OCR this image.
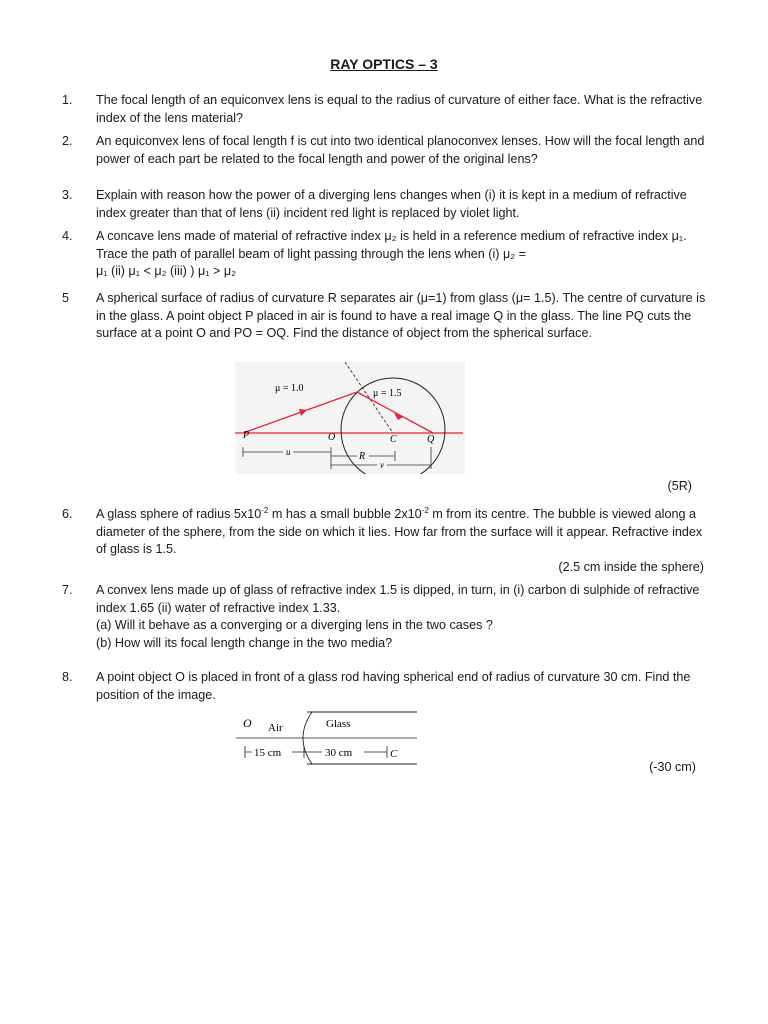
RAY OPTICS – 3
1. The focal length of an equiconvex lens is equal to the radius of curvature of either face. What is the refractive index of the lens material?
2. An equiconvex lens of focal length f is cut into two identical planoconvex lenses. How will the focal length and power of each part be related to the focal length and power of the original lens?
3. Explain with reason how the power of a diverging lens changes when (i) it is kept in a medium of refractive index greater than that of lens (ii) incident red light is replaced by violet light.
4. A concave lens made of material of refractive index μ₂ is held in a reference medium of refractive index μ₁. Trace the path of parallel beam of light passing through the lens when (i) μ₂ =
μ₁ (ii) μ₁ < μ₂ (iii) ) μ₁ > μ₂
5 A spherical surface of radius of curvature R separates air (μ=1) from glass (μ= 1.5). The centre of curvature is in the glass. A point object P placed in air is found to have a real image Q in the glass. The line PQ cuts the surface at a point O and PO = OQ. Find the distance of object from the spherical surface.
μ = 1.0	μ = 1.5
P	O	C	Q
u	R
v
(5R)
6. A glass sphere of radius $5x10^{-2}$ m has a small bubble $2x10^{-2}$ m from its centre. The bubble is viewed along a diameter of the sphere, from the side on which it lies. How far from the surface will it appear. Refractive index of glass is 1.5.
(2.5 cm inside the sphere)
7. A convex lens made up of glass of refractive index 1.5 is dipped, in turn, in (i) carbon di sulphide of refractive index 1.65 (ii) water of refractive index 1.33.
(a) Will it behave as a converging or a diverging lens in the two cases ?
(b) How will its focal length change in the two media?
8. A point object O is placed in front of a glass rod having spherical end of radius of curvature 30 cm. Find the position of the image.
O Air	Glass
15 cm	30 cm	C
(-30 cm)
